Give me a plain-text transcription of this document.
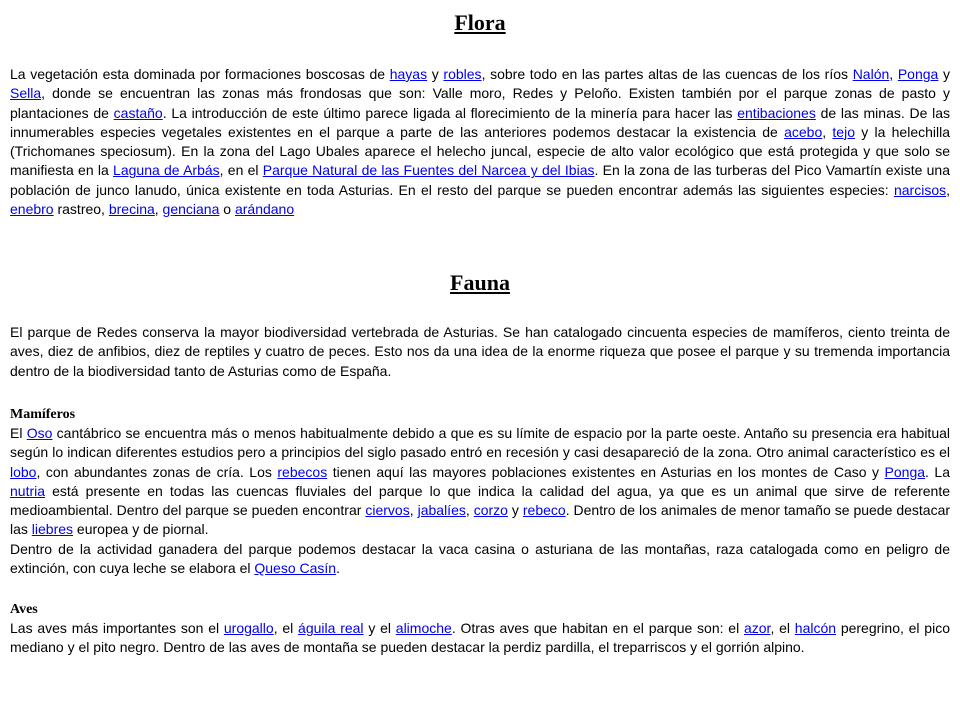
Flora

La vegetación esta dominada por formaciones boscosas de hayas y robles, sobre todo en las partes altas de las cuencas de los ríos Nalón, Ponga y Sella, donde se encuentran las zonas más frondosas que son: Valle moro, Redes y Peloño. Existen también por el parque zonas de pasto y plantaciones de castaño. La introducción de este último parece ligada al florecimiento de la minería para hacer las entibaciones de las minas. De las innumerables especies vegetales existentes en el parque a parte de las anteriores podemos destacar la existencia de acebo, tejo y la helechilla (Trichomanes speciosum). En la zona del Lago Ubales aparece el helecho juncal, especie de alto valor ecológico que está protegida y que solo se manifiesta en la Laguna de Arbás, en el Parque Natural de las Fuentes del Narcea y del Ibias. En la zona de las turberas del Pico Vamartín existe una población de junco lanudo, única existente en toda Asturias. En el resto del parque se pueden encontrar además las siguientes especies: narcisos, enebro rastreo, brecina, genciana o arándano

Fauna

El parque de Redes conserva la mayor biodiversidad vertebrada de Asturias. Se han catalogado cincuenta especies de mamíferos, ciento treinta de aves, diez de anfibios, diez de reptiles y cuatro de peces. Esto nos da una idea de la enorme riqueza que posee el parque y su tremenda importancia dentro de la biodiversidad tanto de Asturias como de España.

Mamíferos
El Oso cantábrico se encuentra más o menos habitualmente debido a que es su límite de espacio por la parte oeste. Antaño su presencia era habitual según lo indican diferentes estudios pero a principios del siglo pasado entró en recesión y casi desapareció de la zona. Otro animal característico es el lobo, con abundantes zonas de cría. Los rebecos tienen aquí las mayores poblaciones existentes en Asturias en los montes de Caso y Ponga. La nutria está presente en todas las cuencas fluviales del parque lo que indica la calidad del agua, ya que es un animal que sirve de referente medioambiental. Dentro del parque se pueden encontrar ciervos, jabalíes, corzo y rebeco. Dentro de los animales de menor tamaño se puede destacar las liebres europea y de piornal.
Dentro de la actividad ganadera del parque podemos destacar la vaca casina o asturiana de las montañas, raza catalogada como en peligro de extinción, con cuya leche se elabora el Queso Casín.
Aves
Las aves más importantes son el urogallo, el águila real y el alimoche. Otras aves que habitan en el parque son: el azor, el halcón peregrino, el pico mediano y el pito negro. Dentro de las aves de montaña se pueden destacar la perdiz pardilla, el treparriscos y el gorrión alpino.
